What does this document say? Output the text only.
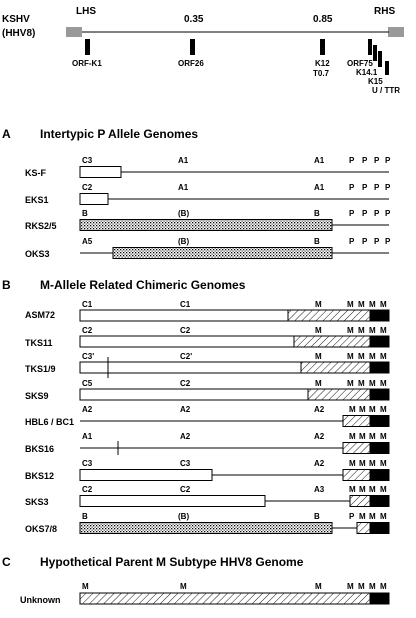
KSHV
(HHV8)
LHS
0.35	0.85
RHS
ORF-K1	ORF26	K12
T0.7
ORF75
K14.1
K15
U / TTR
A Intertypic P Allele Genomes
KS-F
C3	A1	A1	P P P P
EKS1
C2	A1	A1	P P P P
RKS2/5
B	(B)	B	P P P P
OKS3
A5	(B)	B	P P P P
B M-Allele Related Chimeric Genomes
ASM72
C1	C1	M	M M M M
TKS11
C2	C2	M	M M M M
TKS1/9
C3'	C2'	M	M M M M
SKS9
C5	C2	M	M M M M
HBL6 / BC1
A2	A2	A2	M M M M
BKS16
A1	A2	A2	M M M M
BKS12
C3	C3	A2	M M M M
SKS3
C2	C2	A3	M M M M
OKS7/8
B	(B)	B	P M M M
C Hypothetical Parent M Subtype HHV8 Genome
Unknown
M	M	M	M M M M
